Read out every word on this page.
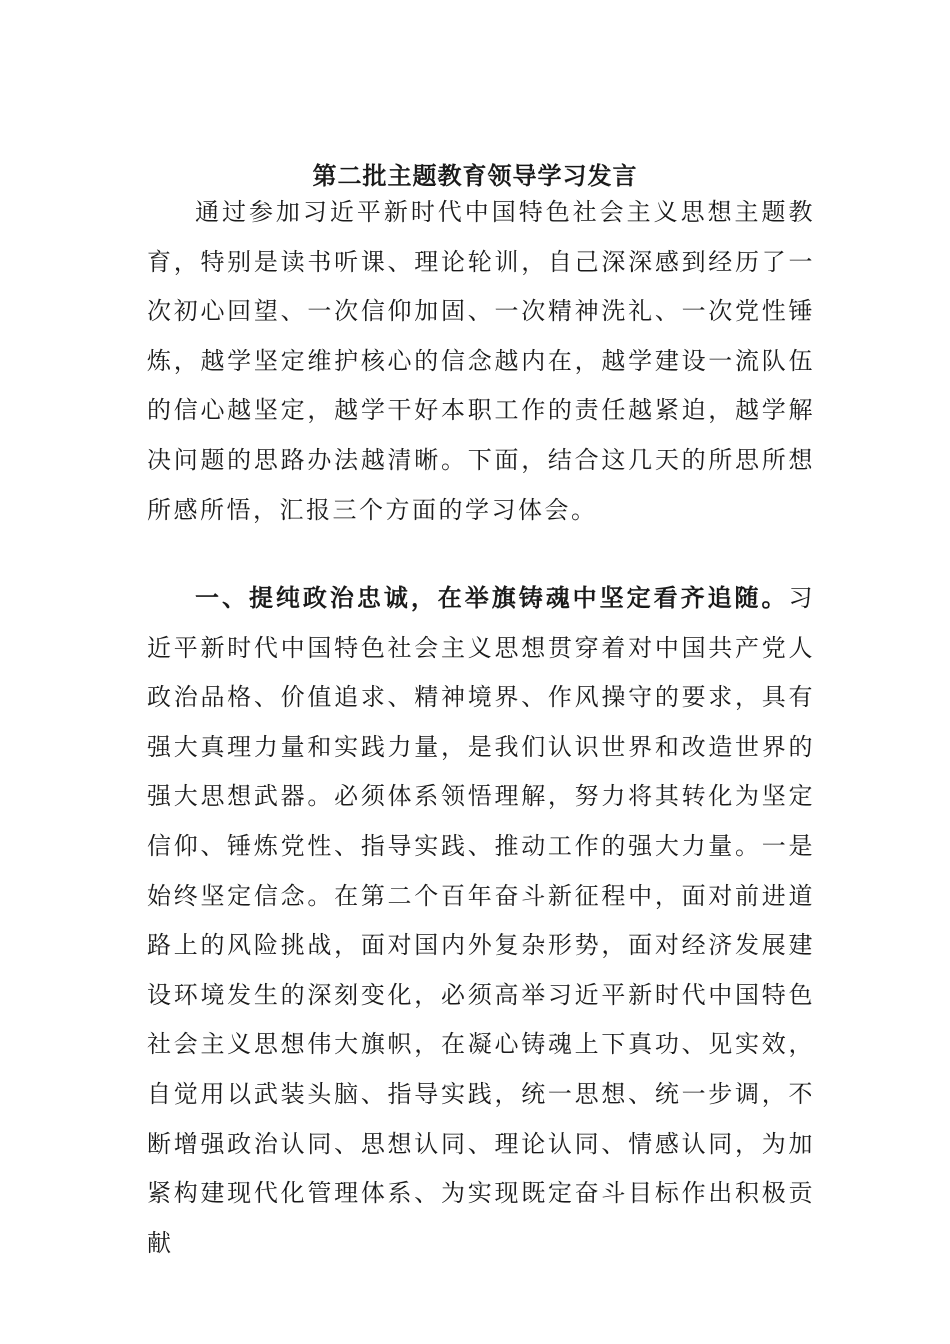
第二批主题教育领导学习发言

通过参加习近平新时代中国特色社会主义思想主题教育，特别是读书听课、理论轮训，自己深深感到经历了一次初心回望、一次信仰加固、一次精神洗礼、一次党性锤炼，越学坚定维护核心的信念越内在，越学建设一流队伍的信心越坚定，越学干好本职工作的责任越紧迫，越学解决问题的思路办法越清晰。下面，结合这几天的所思所想所感所悟，汇报三个方面的学习体会。

一、提纯政治忠诚，在举旗铸魂中坚定看齐追随。习近平新时代中国特色社会主义思想贯穿着对中国共产党人政治品格、价值追求、精神境界、作风操守的要求，具有强大真理力量和实践力量，是我们认识世界和改造世界的强大思想武器。必须体系领悟理解，努力将其转化为坚定信仰、锤炼党性、指导实践、推动工作的强大力量。一是始终坚定信念。在第二个百年奋斗新征程中，面对前进道路上的风险挑战，面对国内外复杂形势，面对经济发展建设环境发生的深刻变化，必须高举习近平新时代中国特色社会主义思想伟大旗帜，在凝心铸魂上下真功、见实效，自觉用以武装头脑、指导实践，统一思想、统一步调，不断增强政治认同、思想认同、理论认同、情感认同，为加紧构建现代化管理体系、为实现既定奋斗目标作出积极贡献
